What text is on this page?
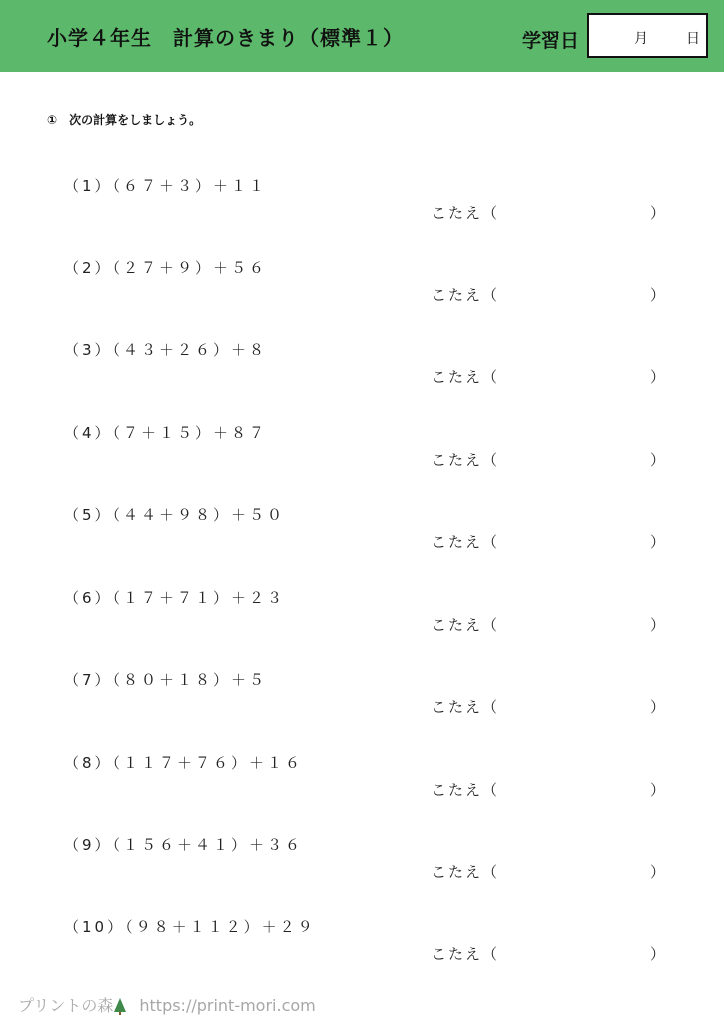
小学４年生　計算のきまり（標準１）	学習日	月	日
①　次の計算をしましょう。
（1）（６７＋３）＋１１
こたえ（	）
（2）（２７＋９）＋５６
こたえ（	）
（3）（４３＋２６）＋８
こたえ（	）
（4）（７＋１５）＋８７
こたえ（	）
（5）（４４＋９８）＋５０
こたえ（	）
（6）（１７＋７１）＋２３
こたえ（	）
（7）（８０＋１８）＋５
こたえ（	）
（8）（１１７＋７６）＋１６
こたえ（	）
（9）（１５６＋４１）＋３６
こたえ（	）
（10）（９８＋１１２）＋２９
こたえ（	）
プリントの森 https://print-mori.com
